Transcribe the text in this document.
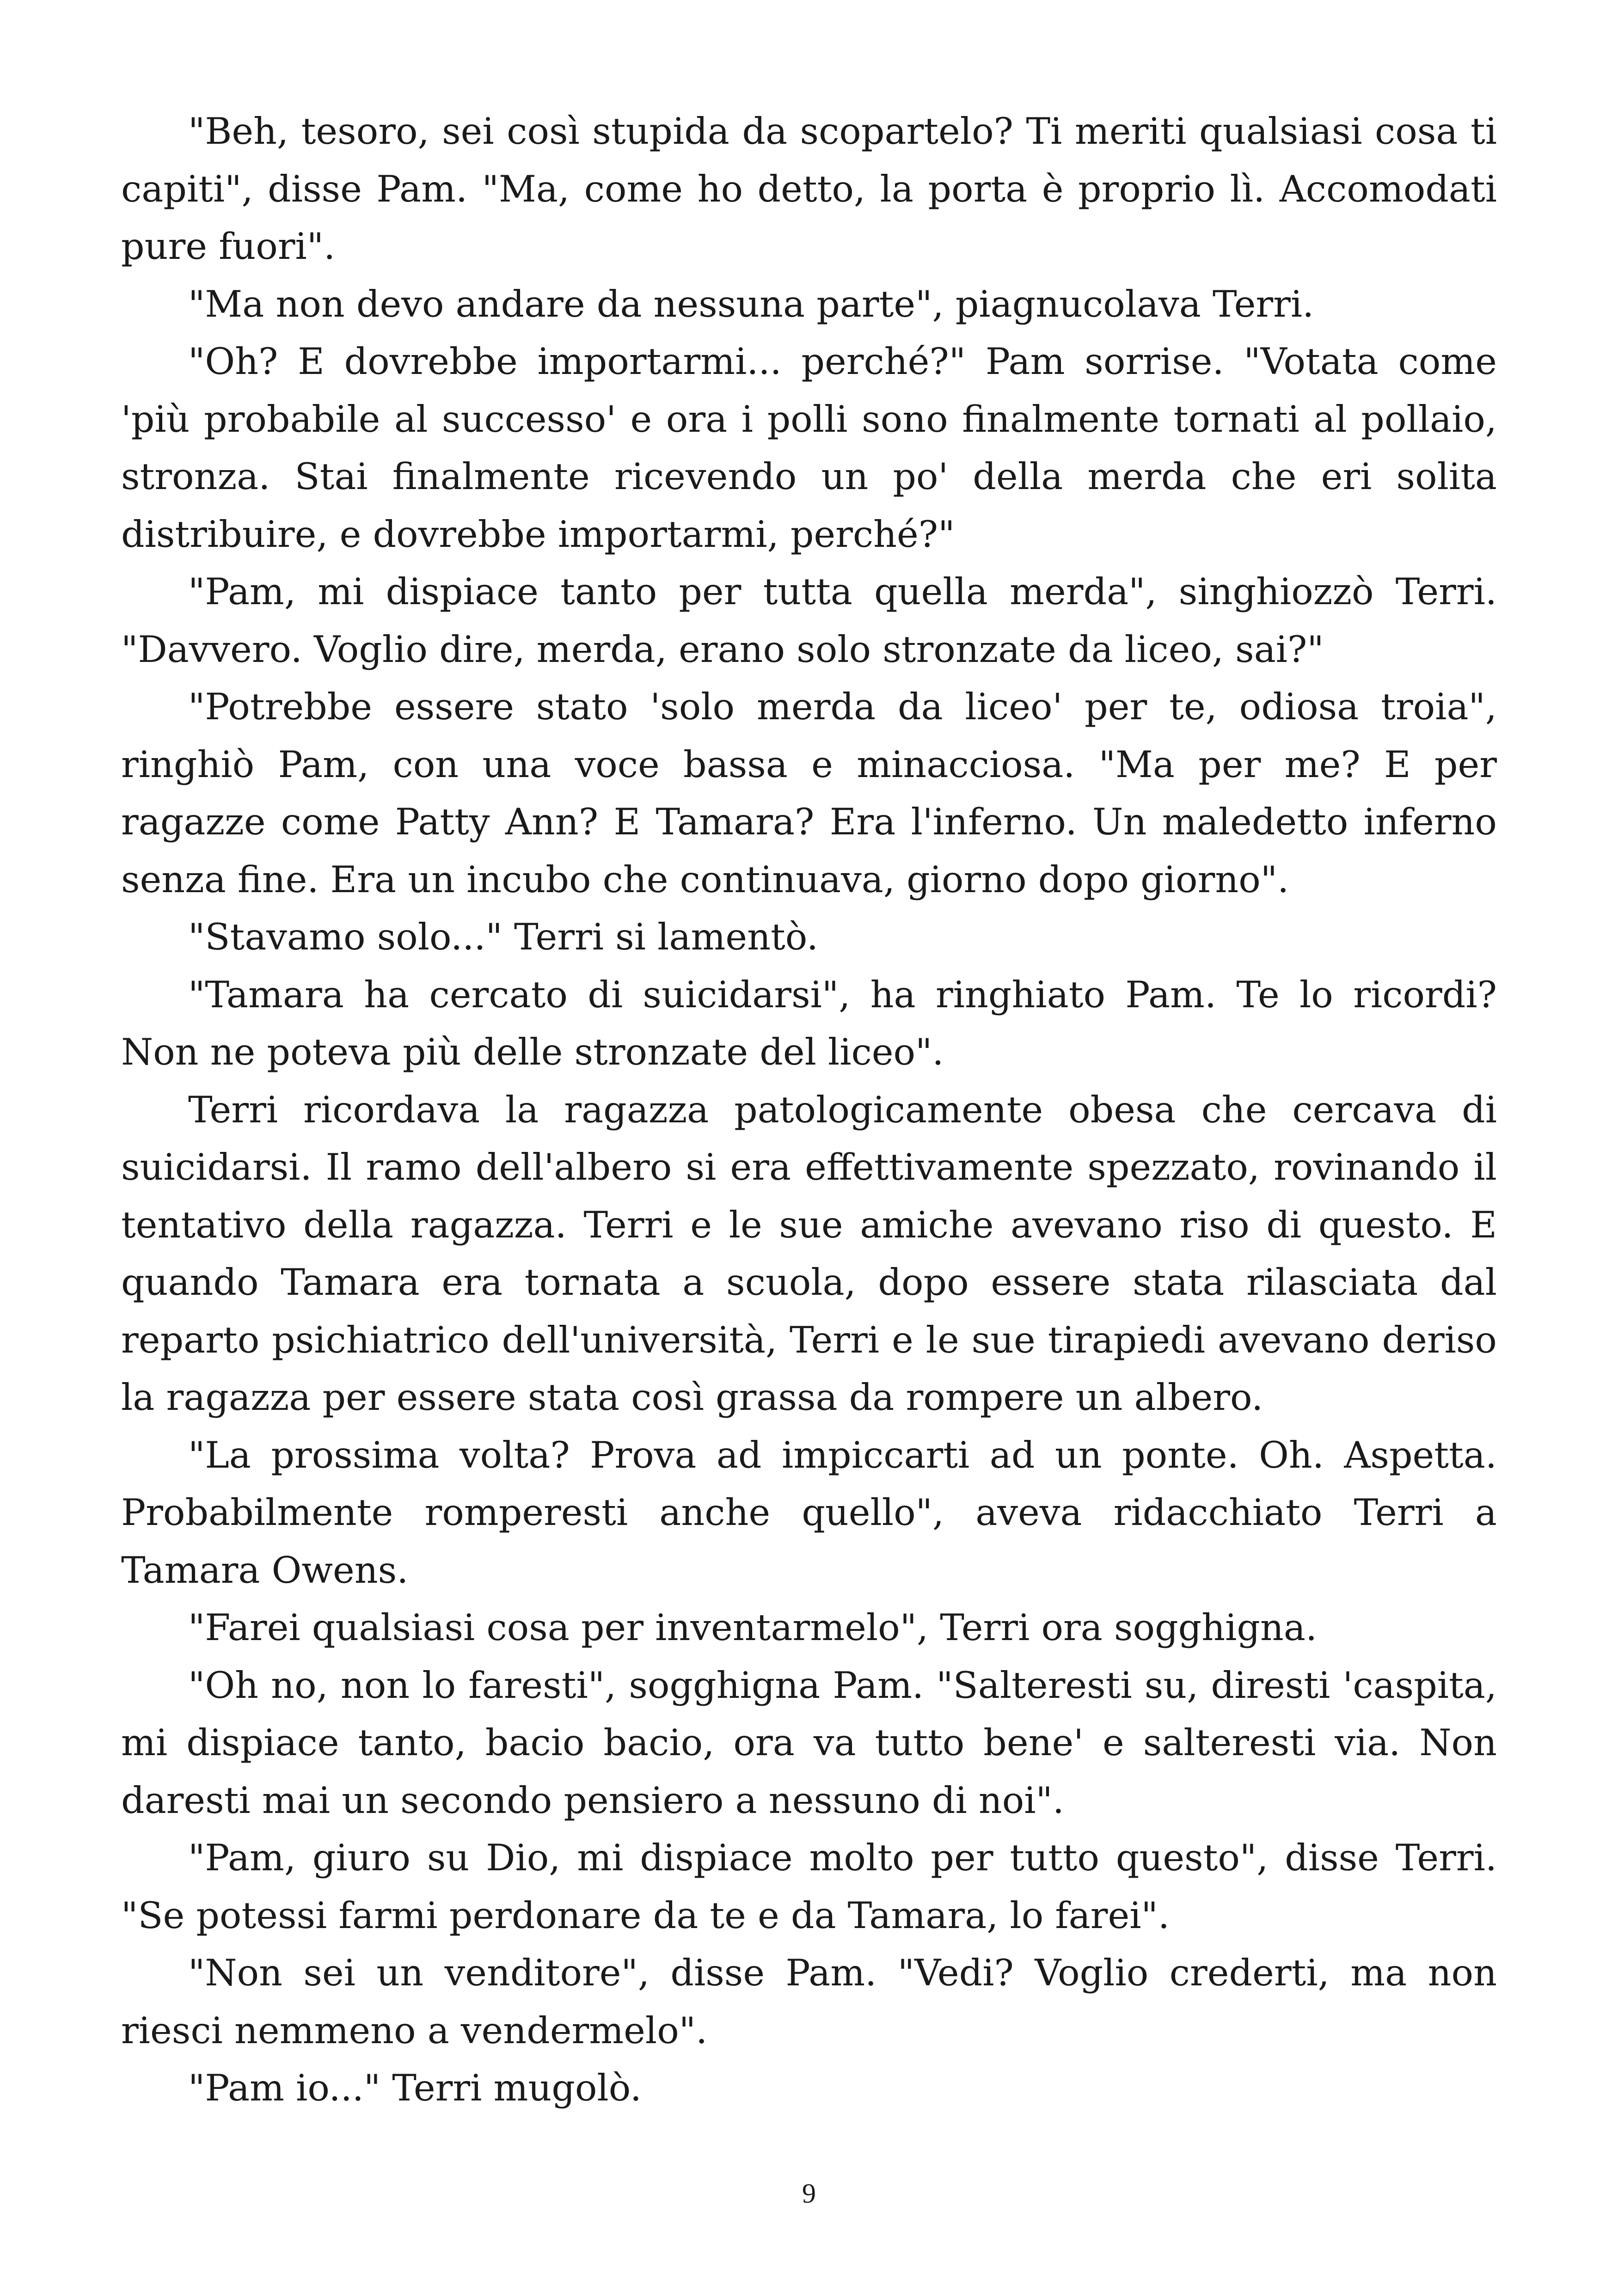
"Beh, tesoro, sei così stupida da scopartelo? Ti meriti qualsiasi cosa ti capiti", disse Pam. "Ma, come ho detto, la porta è proprio lì. Accomodati pure fuori".

"Ma non devo andare da nessuna parte", piagnucolava Terri.

"Oh? E dovrebbe importarmi... perché?" Pam sorrise. "Votata come 'più probabile al successo' e ora i polli sono finalmente tornati al pollaio, stronza. Stai finalmente ricevendo un po' della merda che eri solita distribuire, e dovrebbe importarmi, perché?"

"Pam, mi dispiace tanto per tutta quella merda", singhiozzò Terri. "Davvero. Voglio dire, merda, erano solo stronzate da liceo, sai?"

"Potrebbe essere stato 'solo merda da liceo' per te, odiosa troia", ringhiò Pam, con una voce bassa e minacciosa. "Ma per me? E per ragazze come Patty Ann? E Tamara? Era l'inferno. Un maledetto inferno senza fine. Era un incubo che continuava, giorno dopo giorno".

"Stavamo solo..." Terri si lamentò.

"Tamara ha cercato di suicidarsi", ha ringhiato Pam. Te lo ricordi? Non ne poteva più delle stronzate del liceo".

Terri ricordava la ragazza patologicamente obesa che cercava di suicidarsi. Il ramo dell'albero si era effettivamente spezzato, rovinando il tentativo della ragazza. Terri e le sue amiche avevano riso di questo. E quando Tamara era tornata a scuola, dopo essere stata rilasciata dal reparto psichiatrico dell'università, Terri e le sue tirapiedi avevano deriso la ragazza per essere stata così grassa da rompere un albero.

"La prossima volta? Prova ad impiccarti ad un ponte. Oh. Aspetta. Probabilmente romperesti anche quello", aveva ridacchiato Terri a Tamara Owens.

"Farei qualsiasi cosa per inventarmelo", Terri ora sogghigna.

"Oh no, non lo faresti", sogghigna Pam. "Salteresti su, diresti 'caspita, mi dispiace tanto, bacio bacio, ora va tutto bene' e salteresti via. Non daresti mai un secondo pensiero a nessuno di noi".

"Pam, giuro su Dio, mi dispiace molto per tutto questo", disse Terri. "Se potessi farmi perdonare da te e da Tamara, lo farei".

"Non sei un venditore", disse Pam. "Vedi? Voglio crederti, ma non riesci nemmeno a vendermelo".

"Pam io..." Terri mugolò.

9
